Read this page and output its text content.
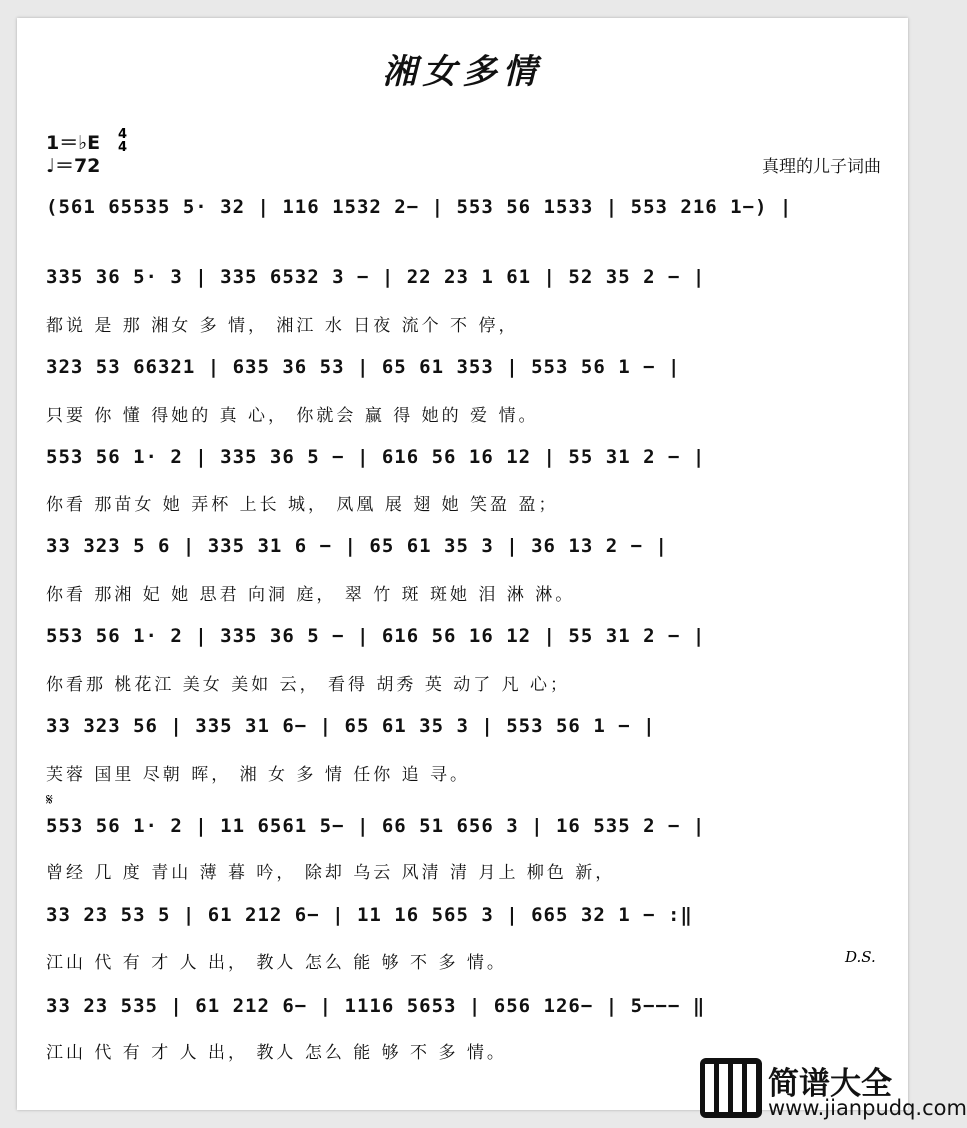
湘女多情
1＝♭E 4
4
♩＝72	真理的儿子词曲
(561 65535 5· 32 | 116 1532 2− | 553 56 1533 | 553 216 1−) |
335 36 5· 3 | 335 6532 3 − | 22 23 1 61 | 52 35 2 − |
都说 是 那 湘女 多 情， 湘江 水 日夜 流个 不 停，
323 53 66321 | 635 36 53 | 65 61 353 | 553 56 1 − |
只要 你 懂 得她的 真 心， 你就会 赢 得 她的 爱 情。
553 56 1· 2 | 335 36 5 − | 616 56 16 12 | 55 31 2 − |
你看 那苗女 她 弄杯 上长 城， 凤凰 展 翅 她 笑盈 盈；
33 323 5 6 | 335 31 6 − | 65 61 35 3 | 36 13 2 − |
你看 那湘 妃 她 思君 向洞 庭， 翠 竹 斑 斑她 泪 淋 淋。
553 56 1· 2 | 335 36 5 − | 616 56 16 12 | 55 31 2 − |
你看那 桃花江 美女 美如 云， 看得 胡秀 英 动了 凡 心；
33 323 56 | 335 31 6− | 65 61 35 3 | 553 56 1 − |
芙蓉 国里 尽朝 晖， 湘 女 多 情 任你 追 寻。
𝄋
553 56 1· 2 | 11 6561 5− | 66 51 656 3 | 16 535 2 − |
曾经 几 度 青山 薄 暮 吟， 除却 乌云 风清 清 月上 柳色 新，
33 23 53 5 | 61 212 6− | 11 16 565 3 | 665 32 1 − :‖
江山 代 有 才 人 出， 教人 怎么 能 够 不 多 情。	D.S.
33 23 535 | 61 212 6− | 1116 5653 | 656 126− | 5−−− ‖
江山 代 有 才 人 出， 教人 怎么 能 够 不 多 情。
简谱大全
www.jianpudq.com
